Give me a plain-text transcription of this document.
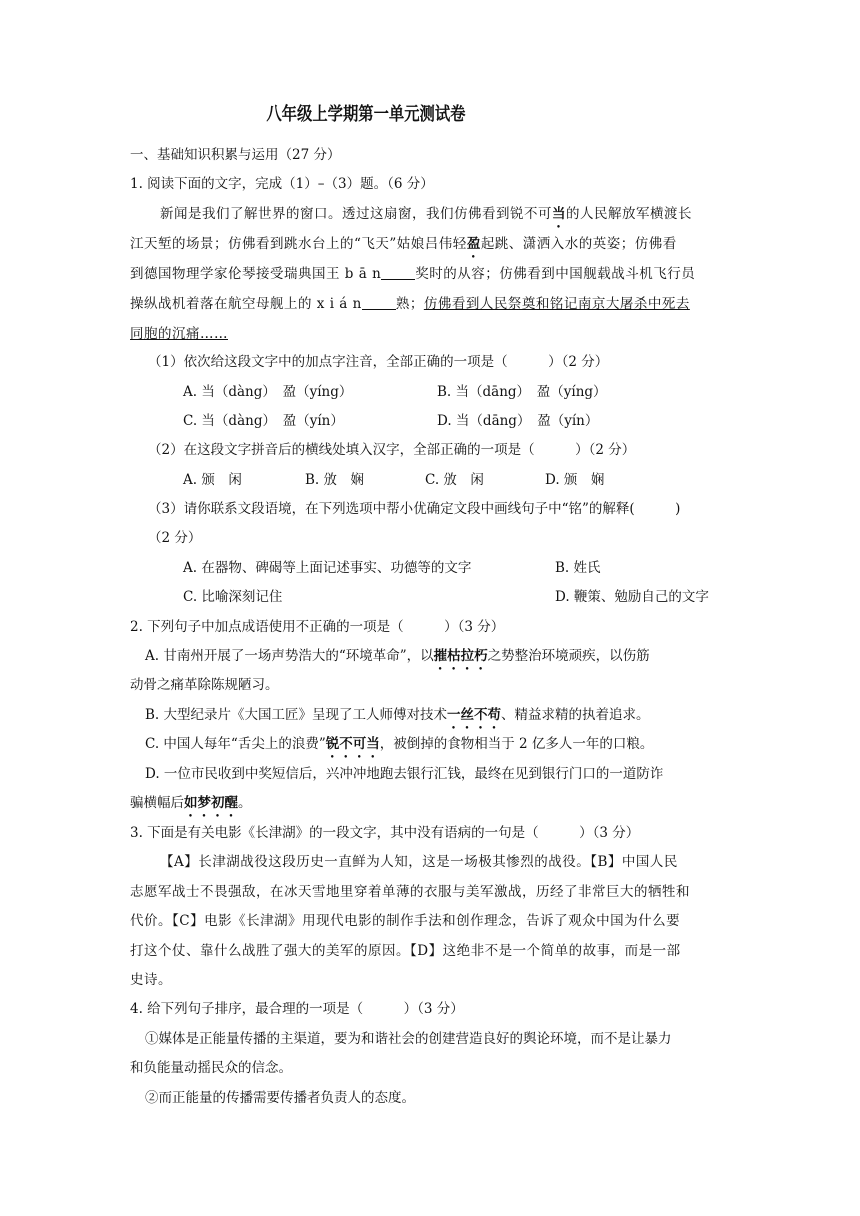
八年级上学期第一单元测试卷
一、基础知识积累与运用（27 分）
1. 阅读下面的文字，完成（1）–（3）题。（6 分）
新闻是我们了解世界的窗口。透过这扇窗，我们仿佛看到锐不可当的人民解放军横渡长
江天堑的场景；仿佛看到跳水台上的“飞天”姑娘吕伟轻盈起跳、潇洒入水的英姿；仿佛看
到德国物理学家伦琴接受瑞典国王 b ā n	奖时的从容；仿佛看到中国舰载战斗机飞行员
操纵战机着落在航空母舰上的 x i á n	熟；仿佛看到人民祭奠和铭记南京大屠杀中死去
同胞的沉痛……
（1）依次给这段文字中的加点字注音，全部正确的一项是（　　　）（2 分）
A. 当（dàng）　盈（yíng）	B. 当（dāng）　盈（yíng）
C. 当（dàng）　盈（yín）	D. 当（dāng）　盈（yín）
（2）在这段文字拼音后的横线处填入汉字，全部正确的一项是（　　　）（2 分）
A. 颁　闲	B. 攽　娴	C. 攽　闲	D. 颁　娴
（3）请你联系文段语境，在下列选项中帮小优确定文段中画线句子中“铭”的解释(　　　)
（2 分）
A. 在器物、碑碣等上面记述事实、功德等的文字	B. 姓氏
C. 比喻深刻记住	D. 鞭策、勉励自己的文字
2. 下列句子中加点成语使用不正确的一项是（　　　）（3 分）
A. 甘南州开展了一场声势浩大的“环境革命”，以摧枯拉朽之势整治环境顽疾，以伤筋
动骨之痛革除陈规陋习。
B. 大型纪录片《大国工匠》呈现了工人师傅对技术一丝不苟、精益求精的执着追求。
C. 中国人每年“舌尖上的浪费”锐不可当，被倒掉的食物相当于 2 亿多人一年的口粮。
D. 一位市民收到中奖短信后，兴冲冲地跑去银行汇钱，最终在见到银行门口的一道防诈
骗横幅后如梦初醒。
3. 下面是有关电影《长津湖》的一段文字，其中没有语病的一句是（　　　）（3 分）
【A】长津湖战役这段历史一直鲜为人知，这是一场极其惨烈的战役。【B】中国人民
志愿军战士不畏强敌，在冰天雪地里穿着单薄的衣服与美军激战，历经了非常巨大的牺牲和
代价。【C】电影《长津湖》用现代电影的制作手法和创作理念，告诉了观众中国为什么要
打这个仗、靠什么战胜了强大的美军的原因。【D】这绝非不是一个简单的故事，而是一部
史诗。
4. 给下列句子排序，最合理的一项是（　　　）（3 分）
①媒体是正能量传播的主渠道，要为和谐社会的创建营造良好的舆论环境，而不是让暴力
和负能量动摇民众的信念。
②而正能量的传播需要传播者负责人的态度。
